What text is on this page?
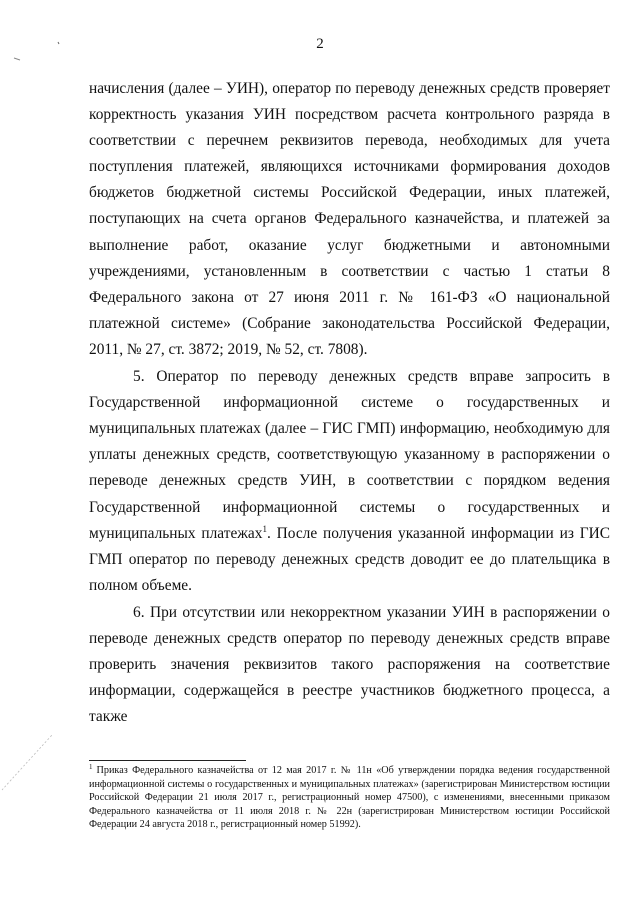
2

начисления (далее – УИН), оператор по переводу денежных средств проверяет корректность указания УИН посредством расчета контрольного разряда в соответствии с перечнем реквизитов перевода, необходимых для учета поступления платежей, являющихся источниками формирования доходов бюджетов бюджетной системы Российской Федерации, иных платежей, поступающих на счета органов Федерального казначейства, и платежей за выполнение работ, оказание услуг бюджетными и автономными учреждениями, установленным в соответствии с частью 1 статьи 8 Федерального закона от 27 июня 2011 г. № 161-ФЗ «О национальной платежной системе» (Собрание законодательства Российской Федерации, 2011, № 27, ст. 3872; 2019, № 52, ст. 7808).

5. Оператор по переводу денежных средств вправе запросить в Государственной информационной системе о государственных и муниципальных платежах (далее – ГИС ГМП) информацию, необходимую для уплаты денежных средств, соответствующую указанному в распоряжении о переводе денежных средств УИН, в соответствии с порядком ведения Государственной информационной системы о государственных и муниципальных платежах$^1$. После получения указанной информации из ГИС ГМП оператор по переводу денежных средств доводит ее до плательщика в полном объеме.

6. При отсутствии или некорректном указании УИН в распоряжении о переводе денежных средств оператор по переводу денежных средств вправе проверить значения реквизитов такого распоряжения на соответствие информации, содержащейся в реестре участников бюджетного процесса, а также

$^1$ Приказ Федерального казначейства от 12 мая 2017 г. № 11н «Об утверждении порядка ведения государственной информационной системы о государственных и муниципальных платежах» (зарегистрирован Министерством юстиции Российской Федерации 21 июля 2017 г., регистрационный номер 47500), с изменениями, внесенными приказом Федерального казначейства от 11 июля 2018 г. № 22н (зарегистрирован Министерством юстиции Российской Федерации 24 августа 2018 г., регистрационный номер 51992).
